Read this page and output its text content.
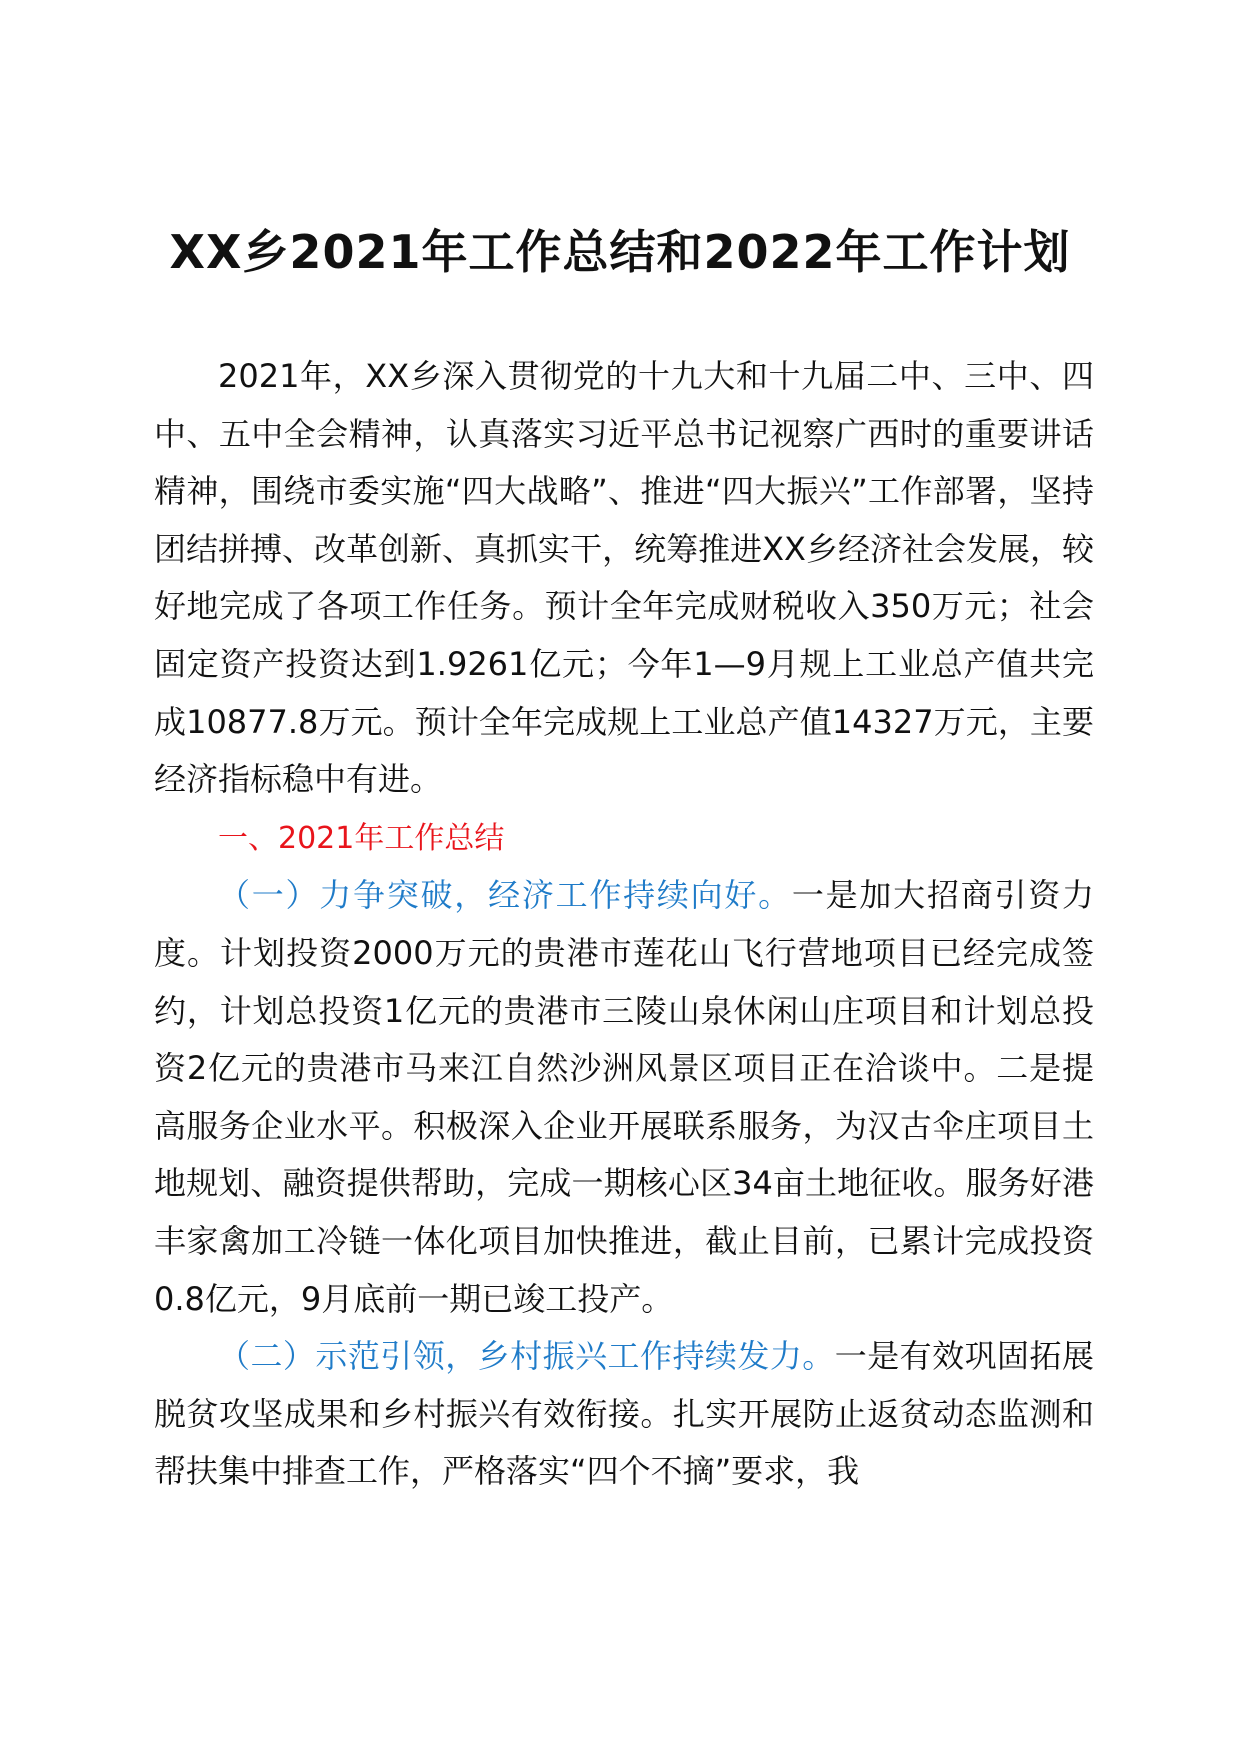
XX乡2021年工作总结和2022年工作计划

2021年，XX乡深入贯彻党的十九大和十九届二中、三中、四中、五中全会精神，认真落实习近平总书记视察广西时的重要讲话精神，围绕市委实施“四大战略”、推进“四大振兴”工作部署，坚持团结拼搏、改革创新、真抓实干，统筹推进XX乡经济社会发展，较好地完成了各项工作任务。预计全年完成财税收入350万元；社会固定资产投资达到1.9261亿元；今年1—9月规上工业总产值共完成10877.8万元。预计全年完成规上工业总产值14327万元，主要经济指标稳中有进。

一、2021年工作总结

（一）力争突破，经济工作持续向好。一是加大招商引资力度。计划投资2000万元的贵港市莲花山飞行营地项目已经完成签约，计划总投资1亿元的贵港市三陵山泉休闲山庄项目和计划总投资2亿元的贵港市马来江自然沙洲风景区项目正在洽谈中。二是提高服务企业水平。积极深入企业开展联系服务，为汉古伞庄项目土地规划、融资提供帮助，完成一期核心区34亩土地征收。服务好港丰家禽加工冷链一体化项目加快推进，截止目前，已累计完成投资0.8亿元，9月底前一期已竣工投产。

（二）示范引领，乡村振兴工作持续发力。一是有效巩固拓展脱贫攻坚成果和乡村振兴有效衔接。扎实开展防止返贫动态监测和帮扶集中排查工作，严格落实“四个不摘”要求，我
